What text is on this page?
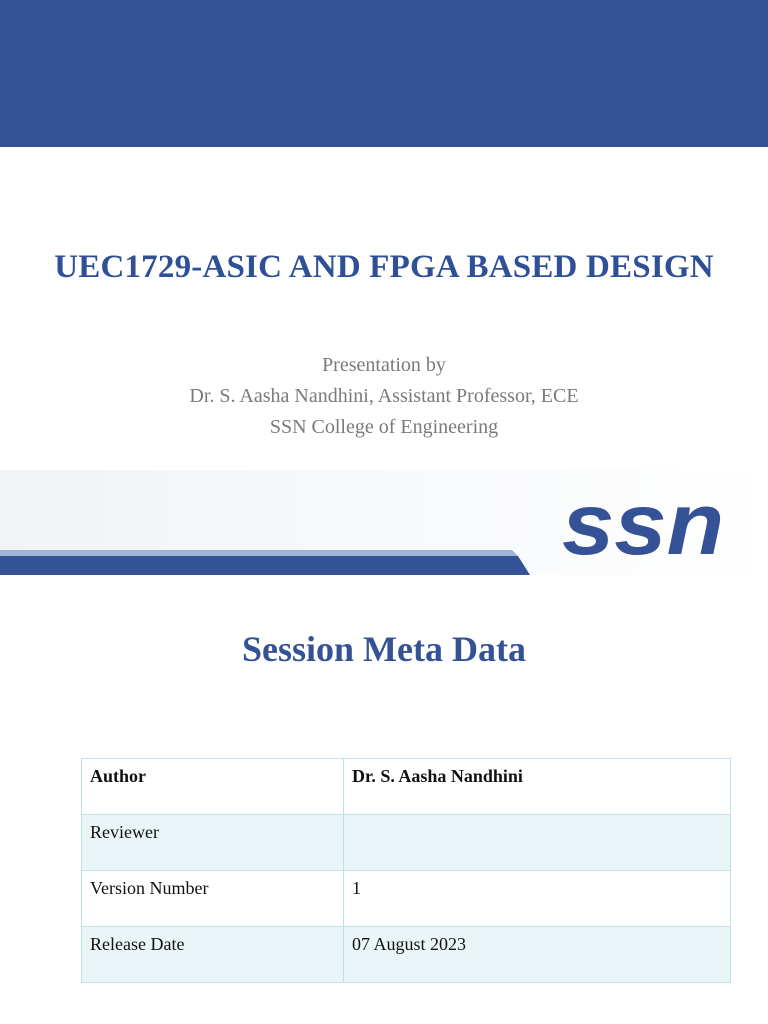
UEC1729-ASIC AND FPGA BASED DESIGN
Presentation by
Dr. S. Aasha Nandhini, Assistant Professor, ECE
SSN College of Engineering
ssn
Session Meta Data
Author	Dr. S. Aasha Nandhini
Reviewer	
Version Number	1
Release Date	07 August 2023
